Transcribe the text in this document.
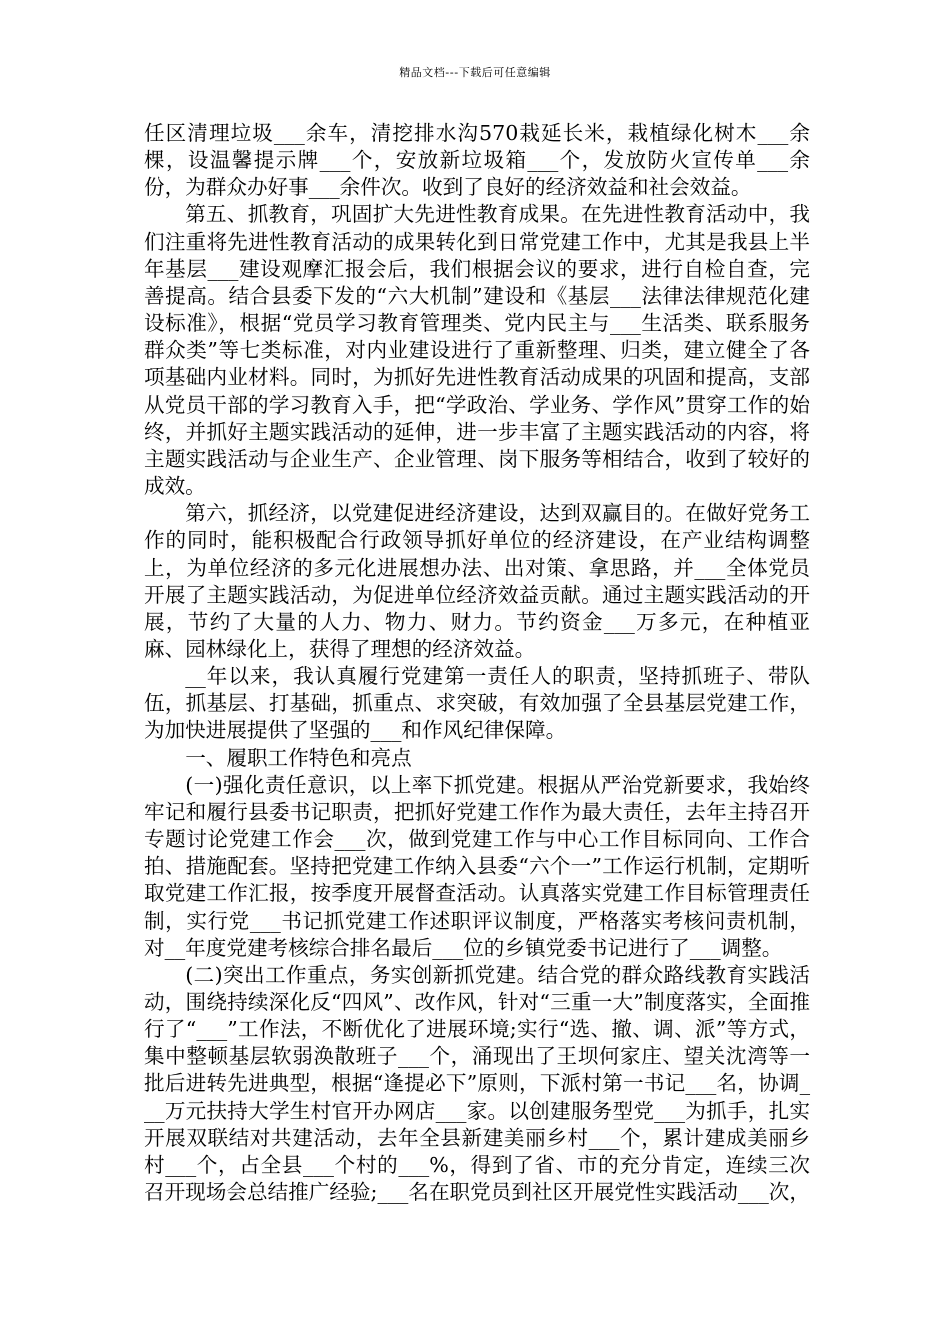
精品文档---下载后可任意编辑

任区清理垃圾___余车，清挖排水沟570栽延长米，栽植绿化树木___余棵，设温馨提示牌___个，安放新垃圾箱___个，发放防火宣传单___余份，为群众办好事___余件次。收到了良好的经济效益和社会效益。

第五、抓教育，巩固扩大先进性教育成果。在先进性教育活动中，我们注重将先进性教育活动的成果转化到日常党建工作中，尤其是我县上半年基层___建设观摩汇报会后，我们根据会议的要求，进行自检自查，完善提高。结合县委下发的“六大机制”建设和《基层___法律法律规范化建设标准》，根据“党员学习教育管理类、党内民主与___生活类、联系服务群众类”等七类标准，对内业建设进行了重新整理、归类，建立健全了各项基础内业材料。同时，为抓好先进性教育活动成果的巩固和提高，支部从党员干部的学习教育入手，把“学政治、学业务、学作风”贯穿工作的始终，并抓好主题实践活动的延伸，进一步丰富了主题实践活动的内容，将主题实践活动与企业生产、企业管理、岗下服务等相结合，收到了较好的成效。

第六，抓经济，以党建促进经济建设，达到双赢目的。在做好党务工作的同时，能积极配合行政领导抓好单位的经济建设，在产业结构调整上，为单位经济的多元化进展想办法、出对策、拿思路，并___全体党员开展了主题实践活动，为促进单位经济效益贡献。通过主题实践活动的开展，节约了大量的人力、物力、财力。节约资金___万多元，在种植亚麻、园林绿化上，获得了理想的经济效益。

__年以来，我认真履行党建第一责任人的职责，坚持抓班子、带队伍，抓基层、打基础，抓重点、求突破，有效加强了全县基层党建工作，为加快进展提供了坚强的___和作风纪律保障。

一、履职工作特色和亮点

(一)强化责任意识，以上率下抓党建。根据从严治党新要求，我始终牢记和履行县委书记职责，把抓好党建工作作为最大责任，去年主持召开专题讨论党建工作会___次，做到党建工作与中心工作目标同向、工作合拍、措施配套。坚持把党建工作纳入县委“六个一”工作运行机制，定期听取党建工作汇报，按季度开展督查活动。认真落实党建工作目标管理责任制，实行党___书记抓党建工作述职评议制度，严格落实考核问责机制，对__年度党建考核综合排名最后___位的乡镇党委书记进行了___调整。

(二)突出工作重点，务实创新抓党建。结合党的群众路线教育实践活动，围绕持续深化反“四风”、改作风，针对“三重一大”制度落实，全面推行了“___”工作法，不断优化了进展环境;实行“选、撤、调、派”等方式，集中整顿基层软弱涣散班子___个，涌现出了王坝何家庄、望关沈湾等一批后进转先进典型，根据“逢提必下”原则，下派村第一书记___名，协调___万元扶持大学生村官开办网店___家。以创建服务型党___为抓手，扎实开展双联结对共建活动，去年全县新建美丽乡村___个，累计建成美丽乡村___个，占全县___个村的___%，得到了省、市的充分肯定，连续三次召开现场会总结推广经验;___名在职党员到社区开展党性实践活动___次，
